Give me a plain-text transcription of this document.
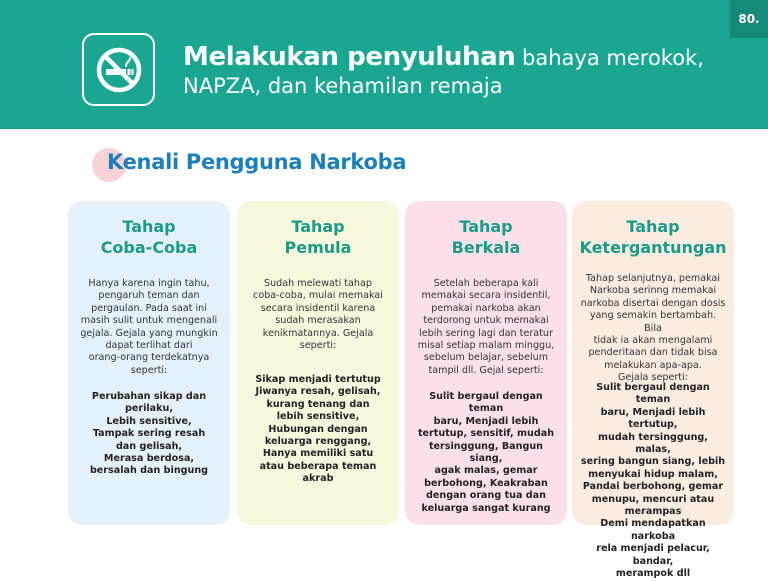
Melakukan penyuluhan bahaya merokok,
NAPZA, dan kehamilan remaja
80.
Kenali Pengguna Narkoba
Tahap
Coba-Coba
Hanya karena ingin tahu,
pengaruh teman dan
pergaulan. Pada saat ini
masih sulit untuk mengenali
gejala. Gejala yang mungkin
dapat terlihat dari
orang-orang terdekatnya
seperti:
Perubahan sikap dan
perilaku,
Lebih sensitive,
Tampak sering resah
dan gelisah,
Merasa berdosa,
bersalah dan bingung
Tahap
Pemula
Sudah melewati tahap
coba-coba, mulai memakai
secara insidentil karena
sudah merasakan
kenikmatannya. Gejala
seperti:
Sikap menjadi tertutup
Jiwanya resah, gelisah,
kurang tenang dan
lebih sensitive,
Hubungan dengan
keluarga renggang,
Hanya memiliki satu
atau beberapa teman
akrab
Tahap
Berkala
Setelah beberapa kali
memakai secara insidentil,
pemakai narkoba akan
terdorong untuk memakai
lebih sering lagi dan teratur
misal setiap malam minggu,
sebelum belajar, sebelum
tampil dll. Gejal seperti:
Sulit bergaul dengan teman
baru, Menjadi lebih
tertutup, sensitif, mudah
tersinggung, Bangun siang,
agak malas, gemar
berbohong, Keakraban
dengan orang tua dan
keluarga sangat kurang
Tahap
Ketergantungan
Tahap selanjutnya, pemakai
Narkoba serinng memakai
narkoba disertai dengan dosis
yang semakin bertambah. Bila
tidak ia akan mengalami
penderitaan dan tidak bisa
melakukan apa-apa.
Gejala seperti:
Sulit bergaul dengan teman
baru, Menjadi lebih tertutup,
mudah tersinggung, malas,
sering bangun siang, lebih
menyukai hidup malam,
Pandai berbohong, gemar
menupu, mencuri atau
merampas
Demi mendapatkan narkoba
rela menjadi pelacur, bandar,
merampok dll
